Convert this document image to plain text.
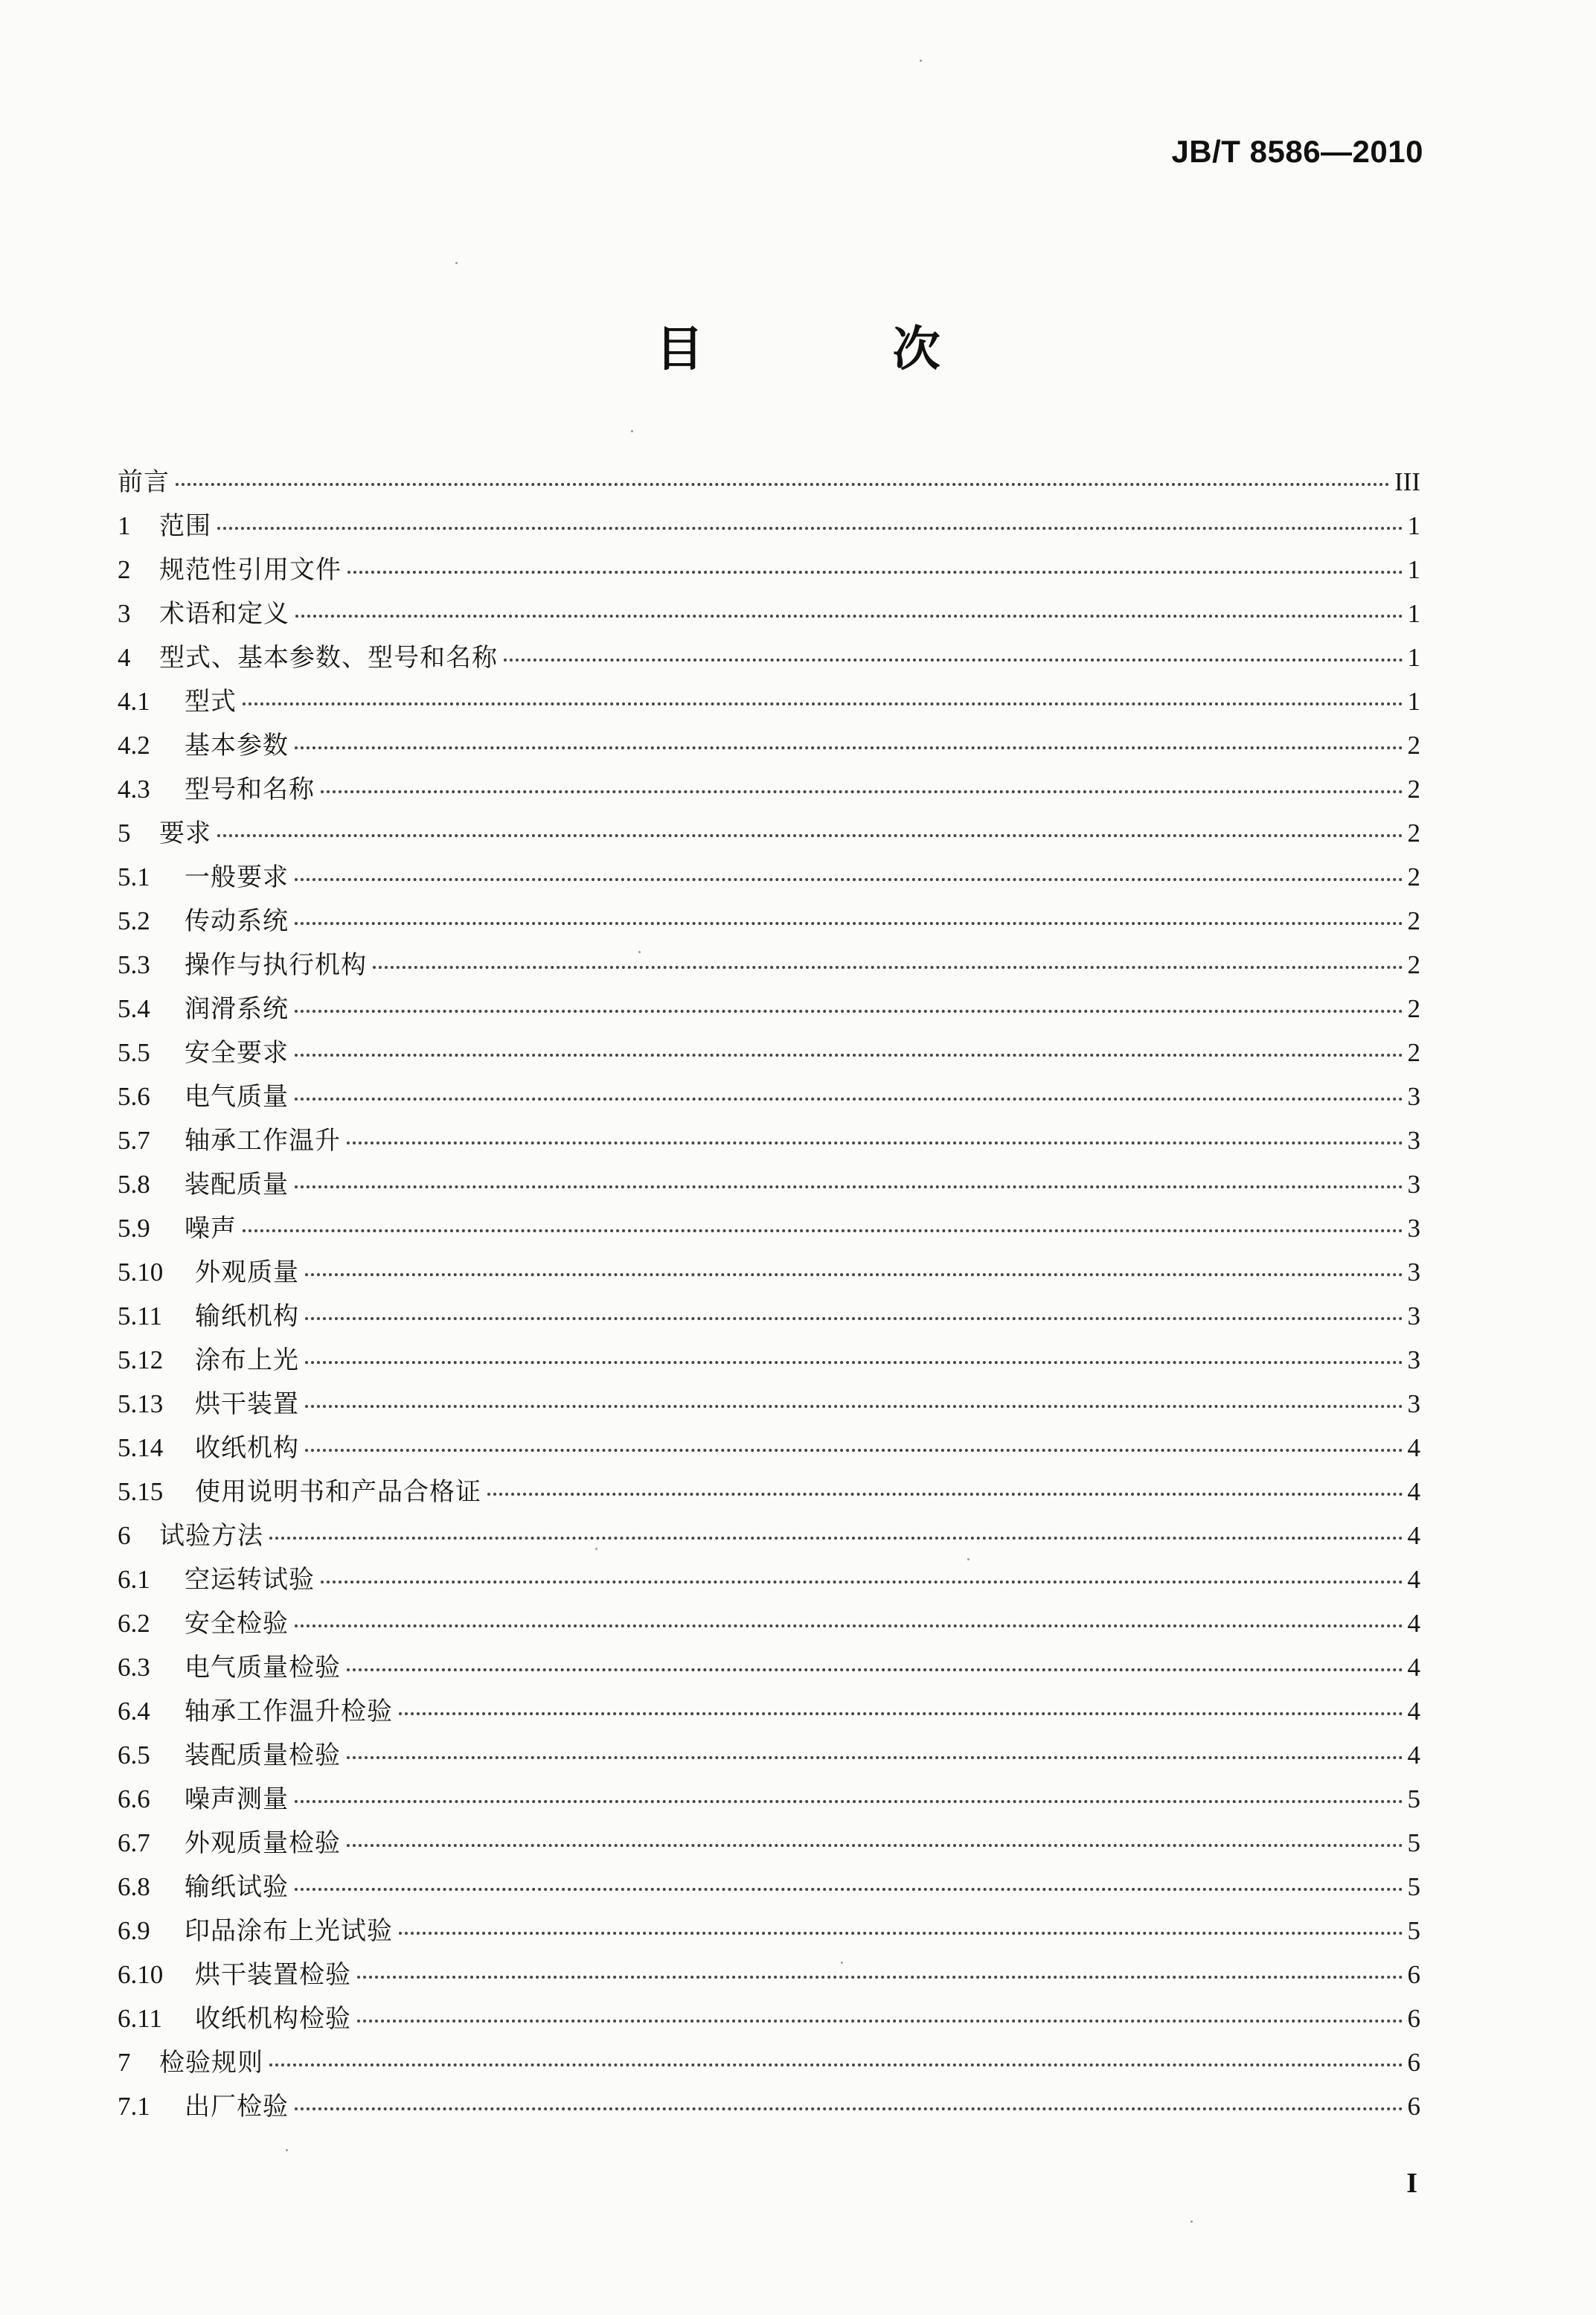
JB/T 8586—2010
目 次
前言	III
1	范围	1
2	规范性引用文件	1
3	术语和定义	1
4	型式、基本参数、型号和名称	1
4.1	型式	1
4.2	基本参数	2
4.3	型号和名称	2
5	要求	2
5.1	一般要求	2
5.2	传动系统	2
5.3	操作与执行机构	2
5.4	润滑系统	2
5.5	安全要求	2
5.6	电气质量	3
5.7	轴承工作温升	3
5.8	装配质量	3
5.9	噪声	3
5.10	外观质量	3
5.11	输纸机构	3
5.12	涂布上光	3
5.13	烘干装置	3
5.14	收纸机构	4
5.15	使用说明书和产品合格证	4
6	试验方法	4
6.1	空运转试验	4
6.2	安全检验	4
6.3	电气质量检验	4
6.4	轴承工作温升检验	4
6.5	装配质量检验	4
6.6	噪声测量	5
6.7	外观质量检验	5
6.8	输纸试验	5
6.9	印品涂布上光试验	5
6.10	烘干装置检验	6
6.11	收纸机构检验	6
7	检验规则	6
7.1	出厂检验	6
I
